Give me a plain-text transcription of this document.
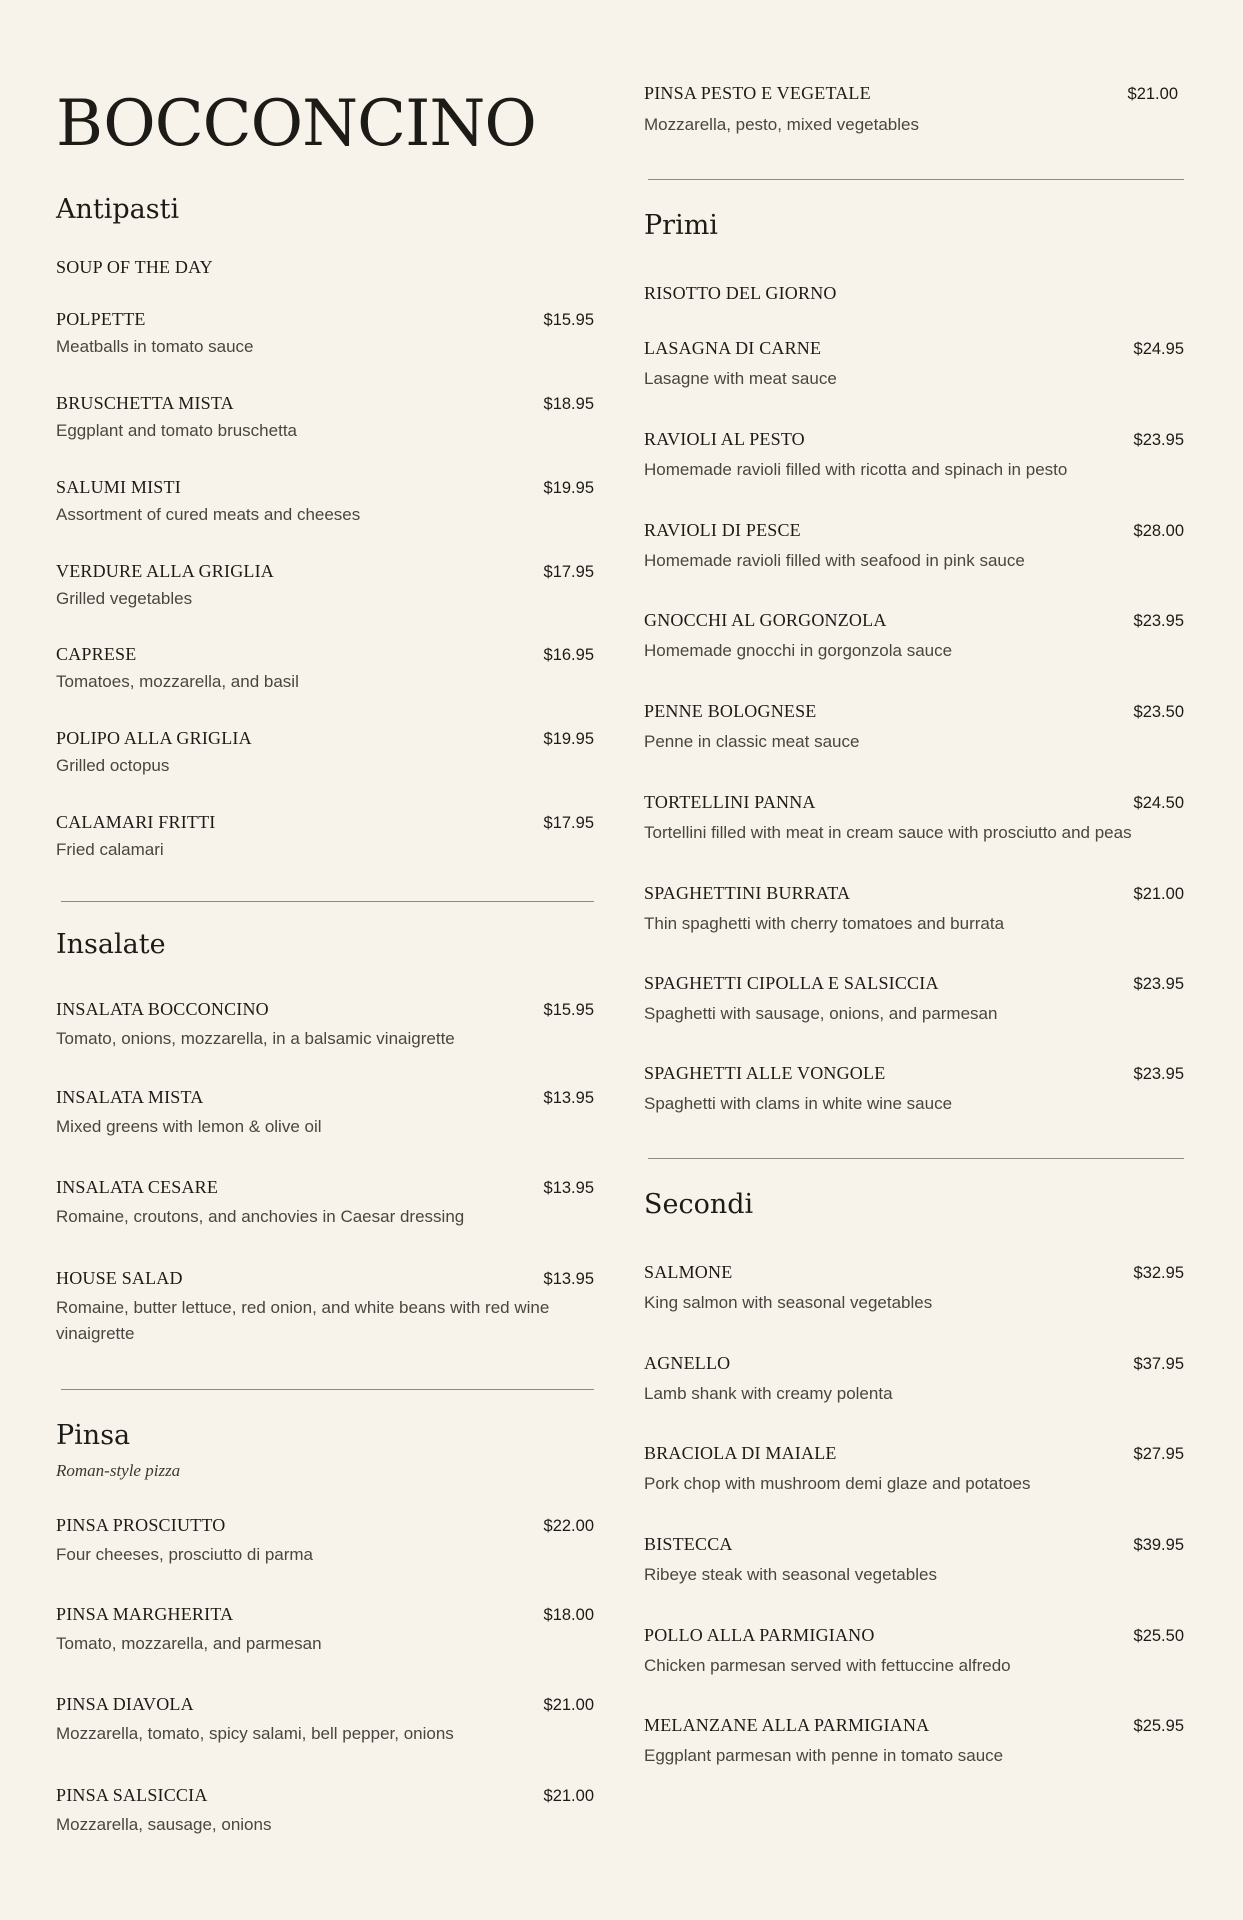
BOCCONCINO
Antipasti
SOUP OF THE DAY
POLPETTE	$15.95
Meatballs in tomato sauce
BRUSCHETTA MISTA	$18.95
Eggplant and tomato bruschetta
SALUMI MISTI	$19.95
Assortment of cured meats and cheeses
VERDURE ALLA GRIGLIA	$17.95
Grilled vegetables
CAPRESE	$16.95
Tomatoes, mozzarella, and basil
POLIPO ALLA GRIGLIA	$19.95
Grilled octopus
CALAMARI FRITTI	$17.95
Fried calamari
Insalate
INSALATA BOCCONCINO	$15.95
Tomato, onions, mozzarella, in a balsamic vinaigrette
INSALATA MISTA	$13.95
Mixed greens with lemon & olive oil
INSALATA CESARE	$13.95
Romaine, croutons, and anchovies in Caesar dressing
HOUSE SALAD	$13.95
Romaine, butter lettuce, red onion, and white beans with red wine vinaigrette
Pinsa
Roman-style pizza
PINSA PROSCIUTTO	$22.00
Four cheeses, prosciutto di parma
PINSA MARGHERITA	$18.00
Tomato, mozzarella, and parmesan
PINSA DIAVOLA	$21.00
Mozzarella, tomato, spicy salami, bell pepper, onions
PINSA SALSICCIA	$21.00
Mozzarella, sausage, onions
PINSA PESTO E VEGETALE	$21.00
Mozzarella, pesto, mixed vegetables
Primi
RISOTTO DEL GIORNO
LASAGNA DI CARNE	$24.95
Lasagne with meat sauce
RAVIOLI AL PESTO	$23.95
Homemade ravioli filled with ricotta and spinach in pesto
RAVIOLI DI PESCE	$28.00
Homemade ravioli filled with seafood in pink sauce
GNOCCHI AL GORGONZOLA	$23.95
Homemade gnocchi in gorgonzola sauce
PENNE BOLOGNESE	$23.50
Penne in classic meat sauce
TORTELLINI PANNA	$24.50
Tortellini filled with meat in cream sauce with prosciutto and peas
SPAGHETTINI BURRATA	$21.00
Thin spaghetti with cherry tomatoes and burrata
SPAGHETTI CIPOLLA E SALSICCIA	$23.95
Spaghetti with sausage, onions, and parmesan
SPAGHETTI ALLE VONGOLE	$23.95
Spaghetti with clams in white wine sauce
Secondi
SALMONE	$32.95
King salmon with seasonal vegetables
AGNELLO	$37.95
Lamb shank with creamy polenta
BRACIOLA DI MAIALE	$27.95
Pork chop with mushroom demi glaze and potatoes
BISTECCA	$39.95
Ribeye steak with seasonal vegetables
POLLO ALLA PARMIGIANO	$25.50
Chicken parmesan served with fettuccine alfredo
MELANZANE ALLA PARMIGIANA	$25.95
Eggplant parmesan with penne in tomato sauce
